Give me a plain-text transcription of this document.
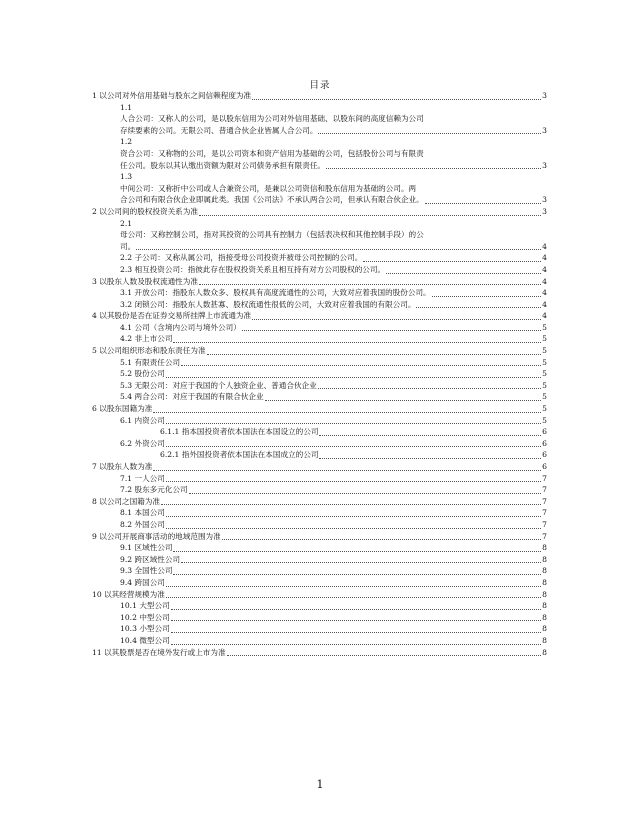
目录
1 以公司对外信用基础与股东之间信赖程度为准	3
1.1
人合公司：又称人的公司，是以股东信用为公司对外信用基础、以股东间的高度信赖为公司
存续要素的公司。无限公司、普通合伙企业皆属人合公司。	3
1.2
资合公司：又称物的公司，是以公司资本和资产信用为基础的公司，包括股份公司与有限责
任公司。股东以其认缴出资额为限对公司债务承担有限责任。	3
1.3
中间公司：又称折中公司或人合兼资公司，是兼以公司资信和股东信用为基础的公司。两
合公司和有限合伙企业即属此类。我国《公司法》不承认两合公司，但承认有限合伙企业。	3
2 以公司间的股权投资关系为准	3
2.1
母公司：又称控制公司，指对其投资的公司具有控制力（包括表决权和其他控制手段）的公
司。	4
2.2 子公司：又称从属公司，指接受母公司投资并被母公司控制的公司。	4
2.3 相互投资公司：指彼此存在股权投资关系且相互持有对方公司股权的公司。	4
3 以股东人数及股权流通性为准	4
3.1 开放公司：指股东人数众多、股权具有高度流通性的公司，大致对应着我国的股份公司。	4
3.2 闭锁公司：指股东人数甚寡、股权流通性很低的公司，大致对应着我国的有限公司。	4
4 以其股份是否在证券交易所挂牌上市流通为准	4
4.1 公司（含境内公司与境外公司）	5
4.2 非上市公司	5
5 以公司组织形态和股东责任为准	5
5.1 有限责任公司	5
5.2 股份公司	5
5.3 无限公司：对应于我国的个人独资企业、普通合伙企业	5
5.4 两合公司：对应于我国的有限合伙企业	5
6 以股东国籍为准	5
6.1 内资公司	5
6.1.1 指本国投资者依本国法在本国设立的公司	6
6.2 外资公司	6
6.2.1 指外国投资者依本国法在本国成立的公司	6
7 以股东人数为准	6
7.1 一人公司	7
7.2 股东多元化公司	7
8 以公司之国籍为准	7
8.1 本国公司	7
8.2 外国公司	7
9 以公司开展商事活动的地域范围为准	7
9.1 区域性公司	8
9.2 跨区域性公司	8
9.3 全国性公司	8
9.4 跨国公司	8
10 以其经营规模为准	8
10.1 大型公司	8
10.2 中型公司	8
10.3 小型公司	8
10.4 微型公司	8
11 以其股票是否在境外发行或上市为准	8
1
